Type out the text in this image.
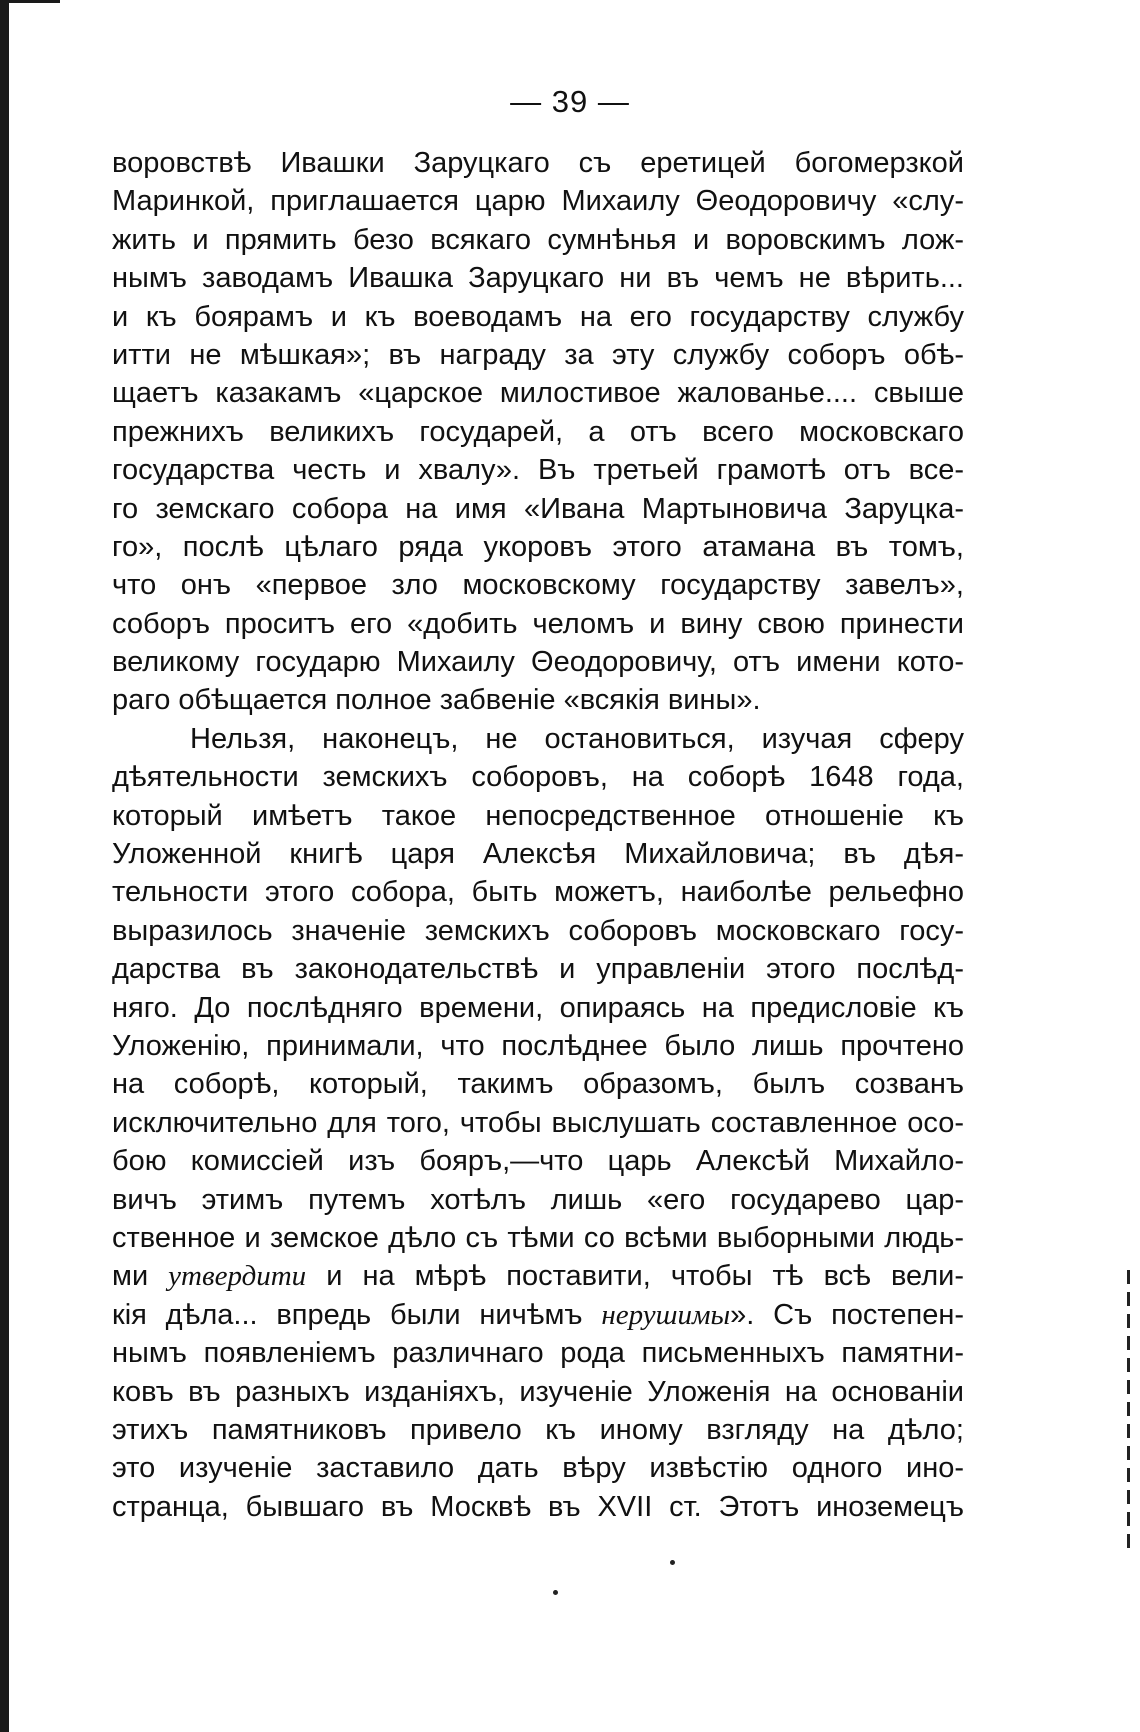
— 39 —
воровствѣ Ивашки Заруцкаго съ еретицей богомерзкой
Маринкой, приглашается царю Михаилу Θеодоровичу «слу-
жить и прямить безо всякаго сумнѣнья и воровскимъ лож-
нымъ заводамъ Ивашка Заруцкаго ни въ чемъ не вѣрить...
и къ боярамъ и къ воеводамъ на его государству службу
итти не мѣшкая»; въ награду за эту службу соборъ обѣ-
щаетъ казакамъ «царское милостивое жалованье.... свыше
прежнихъ великихъ государей, а отъ всего московскаго
государства честь и хвалу». Въ третьей грамотѣ отъ все-
го земскаго собора на имя «Ивана Мартыновича Заруцка-
го», послѣ цѣлаго ряда укоровъ этого атамана въ томъ,
что онъ «первое зло московскому государству завелъ»,
соборъ проситъ его «добить челомъ и вину свою принести
великому государю Михаилу Θеодоровичу, отъ имени кото-
раго обѣщается полное забвеніе «всякія вины».
Нельзя, наконецъ, не остановиться, изучая сферу
дѣятельности земскихъ соборовъ, на соборѣ 1648 года,
который имѣетъ такое непосредственное отношеніе къ
Уложенной книгѣ царя Алексѣя Михайловича; въ дѣя-
тельности этого собора, быть можетъ, наиболѣе рельефно
выразилось значеніе земскихъ соборовъ московскаго госу-
дарства въ законодательствѣ и управленіи этого послѣд-
няго. До послѣдняго времени, опираясь на предисловіе къ
Уложенію, принимали, что послѣднее было лишь прочтено
на соборѣ, который, такимъ образомъ, былъ созванъ
исключительно для того, чтобы выслушать составленное осо-
бою комиссіей изъ бояръ,—что царь Алексѣй Михайло-
вичъ этимъ путемъ хотѣлъ лишь «его государево цар-
ственное и земское дѣло съ тѣми со всѣми выборными людь-
ми утвердити и на мѣрѣ поставити, чтобы тѣ всѣ вели-
кія дѣла... впредь были ничѣмъ нерушимы». Съ постепен-
нымъ появленіемъ различнаго рода письменныхъ памятни-
ковъ въ разныхъ изданіяхъ, изученіе Уложенія на основаніи
этихъ памятниковъ привело къ иному взгляду на дѣло;
это изученіе заставило дать вѣру извѣстію одного ино-
странца, бывшаго въ Москвѣ въ XVII ст. Этотъ иноземецъ
